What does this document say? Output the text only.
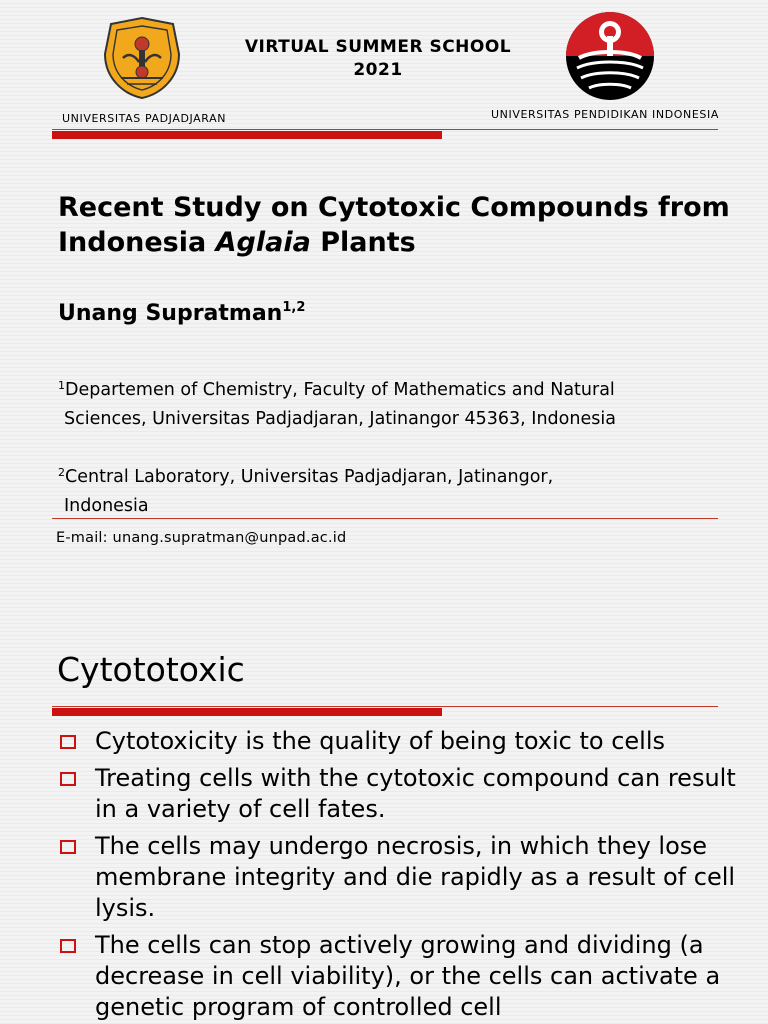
VIRTUAL SUMMER SCHOOL
2021
UNIVERSITAS PADJADJARAN	UNIVERSITAS PENDIDIKAN INDONESIA
Recent Study on Cytotoxic Compounds from Indonesia Aglaia Plants
Unang Supratman$^{1,2}$
$^1$Departemen of Chemistry, Faculty of Mathematics and Natural
Sciences, Universitas Padjadjaran, Jatinangor 45363, Indonesia
$^2$Central Laboratory, Universitas Padjadjaran, Jatinangor,
Indonesia
E-mail: unang.supratman@unpad.ac.id
Cytototoxic
Cytotoxicity is the quality of being toxic to cells
Treating cells with the cytotoxic compound can result in a variety of cell fates.
The cells may undergo necrosis, in which they lose membrane integrity and die rapidly as a result of cell lysis.
The cells can stop actively growing and dividing (a decrease in cell viability), or the cells can activate a genetic program of controlled cell
